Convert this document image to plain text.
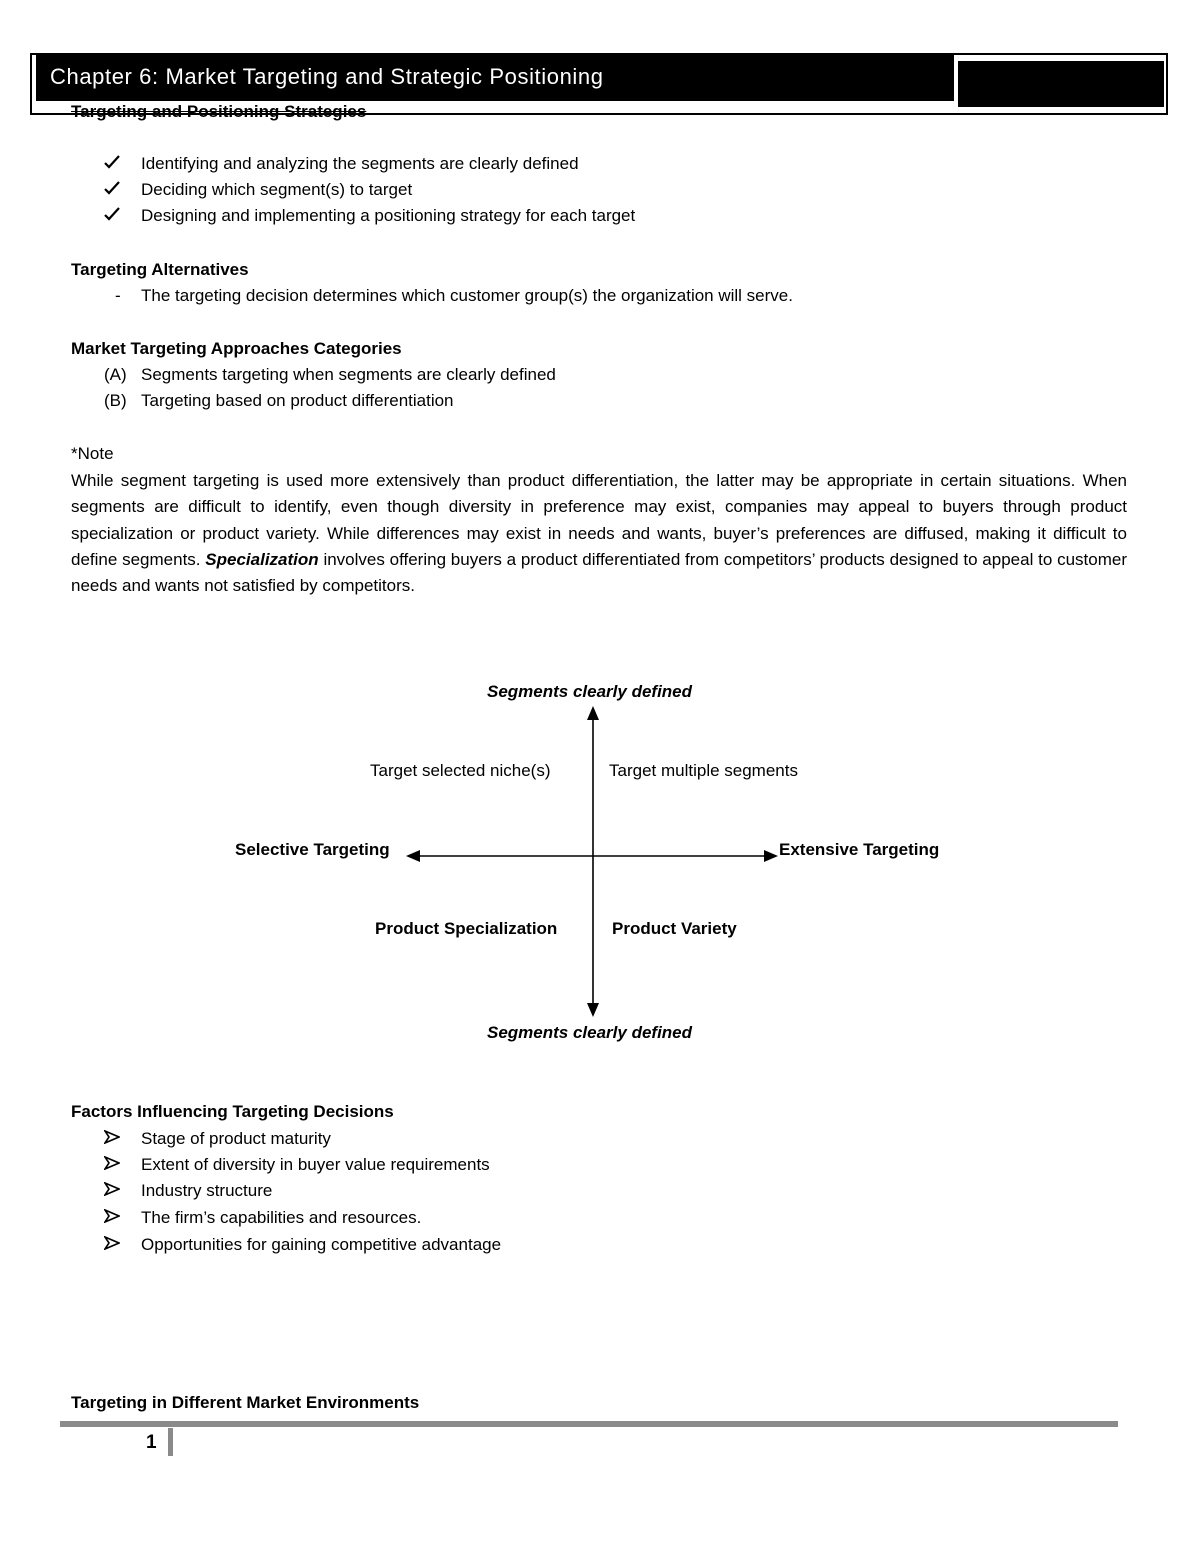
Chapter 6: Market Targeting and Strategic Positioning
Targeting and Positioning Strategies
Identifying and analyzing the segments are clearly defined
Deciding which segment(s) to target
Designing and implementing a positioning strategy for each target
Targeting Alternatives
- The targeting decision determines which customer group(s) the organization will serve.
Market Targeting Approaches Categories
(A) Segments targeting when segments are clearly defined
(B) Targeting based on product differentiation
*Note
While segment targeting is used more extensively than product differentiation, the latter may be appropriate in certain situations. When segments are difficult to identify, even though diversity in preference may exist, companies may appeal to buyers through product specialization or product variety. While differences may exist in needs and wants, buyer’s preferences are diffused, making it difficult to define segments. Specialization involves offering buyers a product differentiated from competitors’ products designed to appeal to customer needs and wants not satisfied by competitors.
Segments clearly defined
Target selected niche(s)	Target multiple segments
Selective Targeting	Extensive Targeting
Product Specialization	Product Variety
Segments clearly defined
Factors Influencing Targeting Decisions
Stage of product maturity
Extent of diversity in buyer value requirements
Industry structure
The firm’s capabilities and resources.
Opportunities for gaining competitive advantage
Targeting in Different Market Environments
1
